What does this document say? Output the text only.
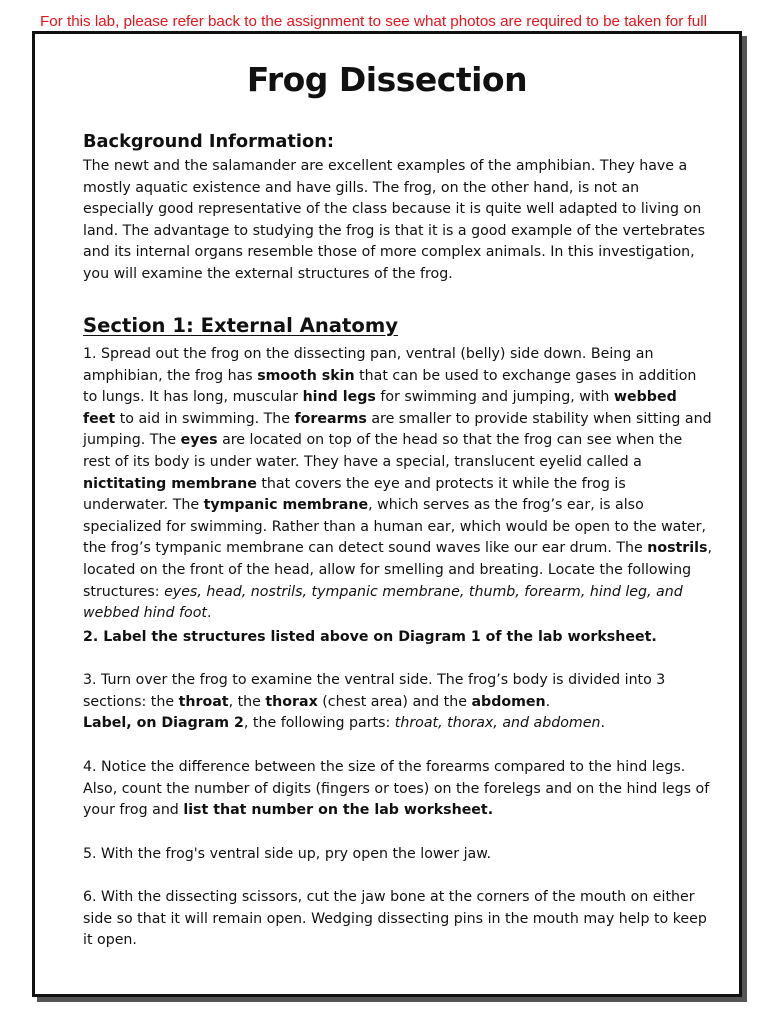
For this lab, please refer back to the assignment to see what photos are required to be taken for full

Frog Dissection
Background Information:

The newt and the salamander are excellent examples of the amphibian. They have a mostly aquatic existence and have gills. The frog, on the other hand, is not an especially good representative of the class because it is quite well adapted to living on land. The advantage to studying the frog is that it is a good example of the vertebrates and its internal organs resemble those of more complex animals. In this investigation, you will examine the external structures of the frog.

Section 1: External Anatomy

1. Spread out the frog on the dissecting pan, ventral (belly) side down. Being an amphibian, the frog has smooth skin that can be used to exchange gases in addition to lungs. It has long, muscular hind legs for swimming and jumping, with webbed feet to aid in swimming. The forearms are smaller to provide stability when sitting and jumping. The eyes are located on top of the head so that the frog can see when the rest of its body is under water. They have a special, translucent eyelid called a nictitating membrane that covers the eye and protects it while the frog is underwater. The tympanic membrane, which serves as the frog’s ear, is also specialized for swimming. Rather than a human ear, which would be open to the water, the frog’s tympanic membrane can detect sound waves like our ear drum. The nostrils, located on the front of the head, allow for smelling and breating. Locate the following structures: eyes, head, nostrils, tympanic membrane, thumb, forearm, hind leg, and webbed hind foot.

2. Label the structures listed above on Diagram 1 of the lab worksheet.

3. Turn over the frog to examine the ventral side. The frog’s body is divided into 3 sections: the throat, the thorax (chest area) and the abdomen.

Label, on Diagram 2, the following parts: throat, thorax, and abdomen.

4. Notice the difference between the size of the forearms compared to the hind legs. Also, count the number of digits (fingers or toes) on the forelegs and on the hind legs of your frog and list that number on the lab worksheet.

5. With the frog's ventral side up, pry open the lower jaw.

6. With the dissecting scissors, cut the jaw bone at the corners of the mouth on either side so that it will remain open. Wedging dissecting pins in the mouth may help to keep it open.
